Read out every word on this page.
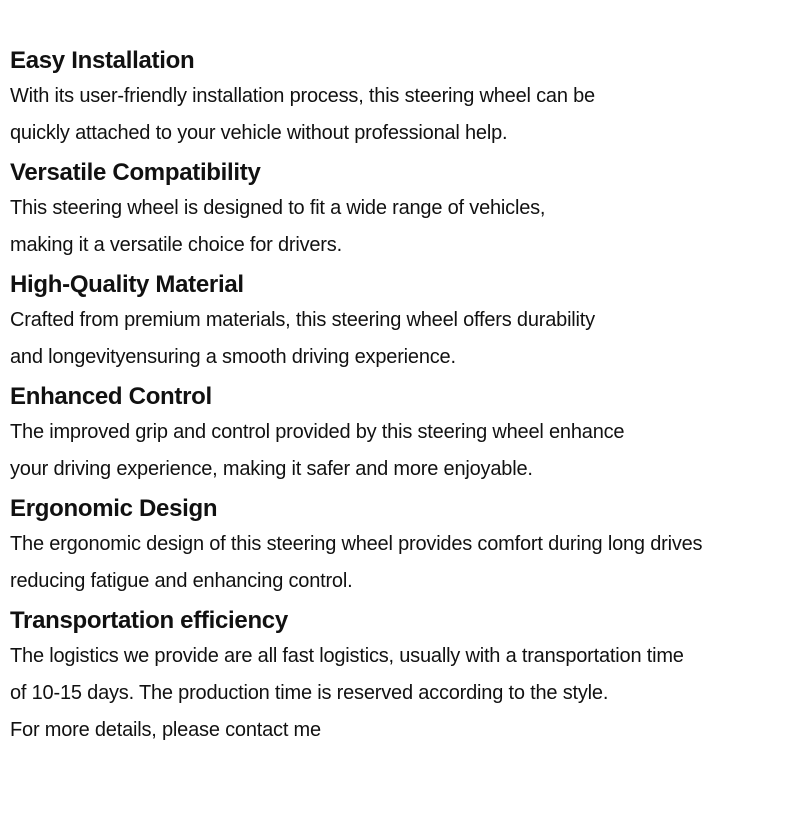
Easy Installation

With its user-friendly installation process, this steering wheel can be

quickly attached to your vehicle without professional help.

Versatile Compatibility

This steering wheel is designed to fit a wide range of vehicles,

making it a versatile choice for drivers.

High-Quality Material

Crafted from premium materials, this steering wheel offers durability

and longevityensuring a smooth driving experience.

Enhanced Control

The improved grip and control provided by this steering wheel enhance

your driving experience, making it safer and more enjoyable.

Ergonomic Design

The ergonomic design of this steering wheel provides comfort during long drives

reducing fatigue and enhancing control.

Transportation efficiency

The logistics we provide are all fast logistics, usually with a transportation time

of 10-15 days. The production time is reserved according to the style.

For more details, please contact me
